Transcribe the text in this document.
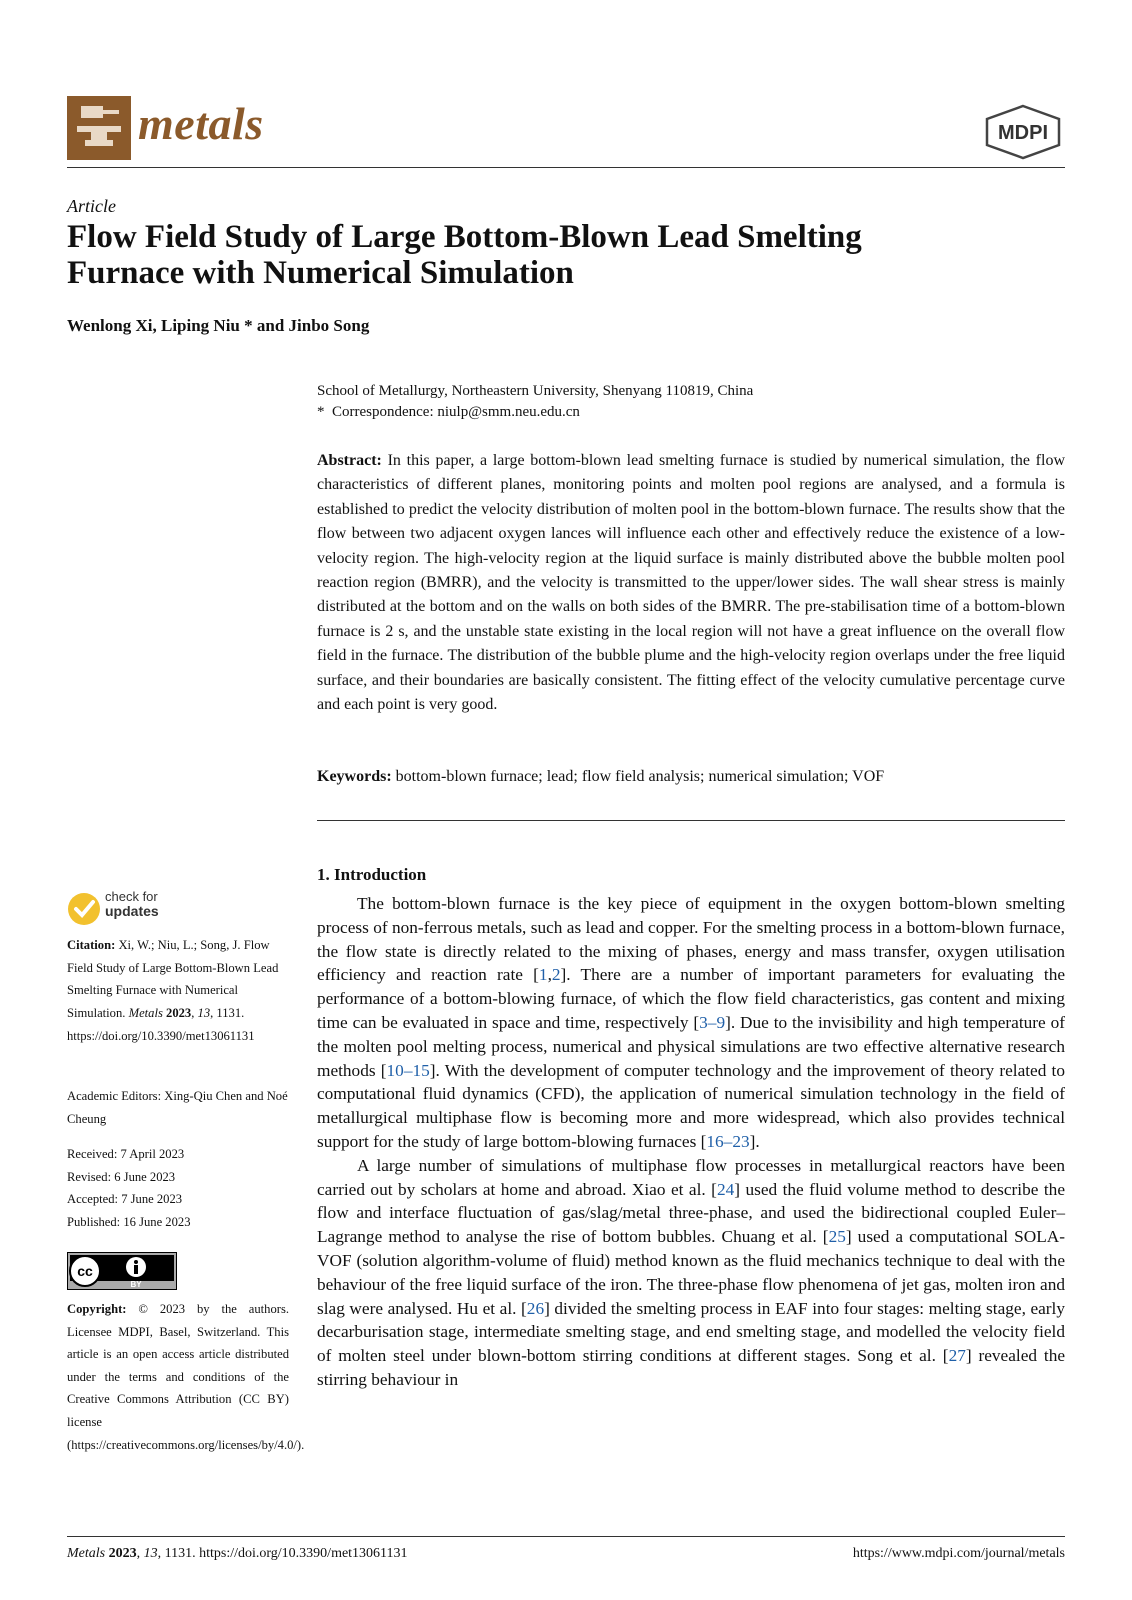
metals	MDPI
Article
Flow Field Study of Large Bottom-Blown Lead Smelting
Furnace with Numerical Simulation
Wenlong Xi, Liping Niu * and Jinbo Song
School of Metallurgy, Northeastern University, Shenyang 110819, China
* Correspondence: niulp@smm.neu.edu.cn
Abstract: In this paper, a large bottom-blown lead smelting furnace is studied by numerical simulation, the flow characteristics of different planes, monitoring points and molten pool regions are analysed, and a formula is established to predict the velocity distribution of molten pool in the bottom-blown furnace. The results show that the flow between two adjacent oxygen lances will influence each other and effectively reduce the existence of a low-velocity region. The high-velocity region at the liquid surface is mainly distributed above the bubble molten pool reaction region (BMRR), and the velocity is transmitted to the upper/lower sides. The wall shear stress is mainly distributed at the bottom and on the walls on both sides of the BMRR. The pre-stabilisation time of a bottom-blown furnace is 2 s, and the unstable state existing in the local region will not have a great influence on the overall flow field in the furnace. The distribution of the bubble plume and the high-velocity region overlaps under the free liquid surface, and their boundaries are basically consistent. The fitting effect of the velocity cumulative percentage curve and each point is very good.
Keywords: bottom-blown furnace; lead; flow field analysis; numerical simulation; VOF
check for
updates
Citation: Xi, W.; Niu, L.; Song, J. Flow Field Study of Large Bottom-Blown Lead Smelting Furnace with Numerical Simulation. Metals 2023, 13, 1131. https://doi.org/10.3390/met13061131
Academic Editors: Xing-Qiu Chen and Noé Cheung
Received: 7 April 2023
Revised: 6 June 2023
Accepted: 7 June 2023
Published: 16 June 2023
cc
BY
Copyright: © 2023 by the authors. Licensee MDPI, Basel, Switzerland. This article is an open access article distributed under the terms and conditions of the Creative Commons Attribution (CC BY) license (https://creativecommons.org/licenses/by/4.0/).
1. Introduction

The bottom-blown furnace is the key piece of equipment in the oxygen bottom-blown smelting process of non-ferrous metals, such as lead and copper. For the smelting process in a bottom-blown furnace, the flow state is directly related to the mixing of phases, energy and mass transfer, oxygen utilisation efficiency and reaction rate [1,2]. There are a number of important parameters for evaluating the performance of a bottom-blowing furnace, of which the flow field characteristics, gas content and mixing time can be evaluated in space and time, respectively [3–9]. Due to the invisibility and high temperature of the molten pool melting process, numerical and physical simulations are two effective alternative research methods [10–15]. With the development of computer technology and the improvement of theory related to computational fluid dynamics (CFD), the application of numerical simulation technology in the field of metallurgical multiphase flow is becoming more and more widespread, which also provides technical support for the study of large bottom-blowing furnaces [16–23].

A large number of simulations of multiphase flow processes in metallurgical reactors have been carried out by scholars at home and abroad. Xiao et al. [24] used the fluid volume method to describe the flow and interface fluctuation of gas/slag/metal three-phase, and used the bidirectional coupled Euler–Lagrange method to analyse the rise of bottom bubbles. Chuang et al. [25] used a computational SOLA-VOF (solution algorithm-volume of fluid) method known as the fluid mechanics technique to deal with the behaviour of the free liquid surface of the iron. The three-phase flow phenomena of jet gas, molten iron and slag were analysed. Hu et al. [26] divided the smelting process in EAF into four stages: melting stage, early decarburisation stage, intermediate smelting stage, and end smelting stage, and modelled the velocity field of molten steel under blown-bottom stirring conditions at different stages. Song et al. [27] revealed the stirring behaviour in

Metals 2023, 13, 1131. https://doi.org/10.3390/met13061131	https://www.mdpi.com/journal/metals
